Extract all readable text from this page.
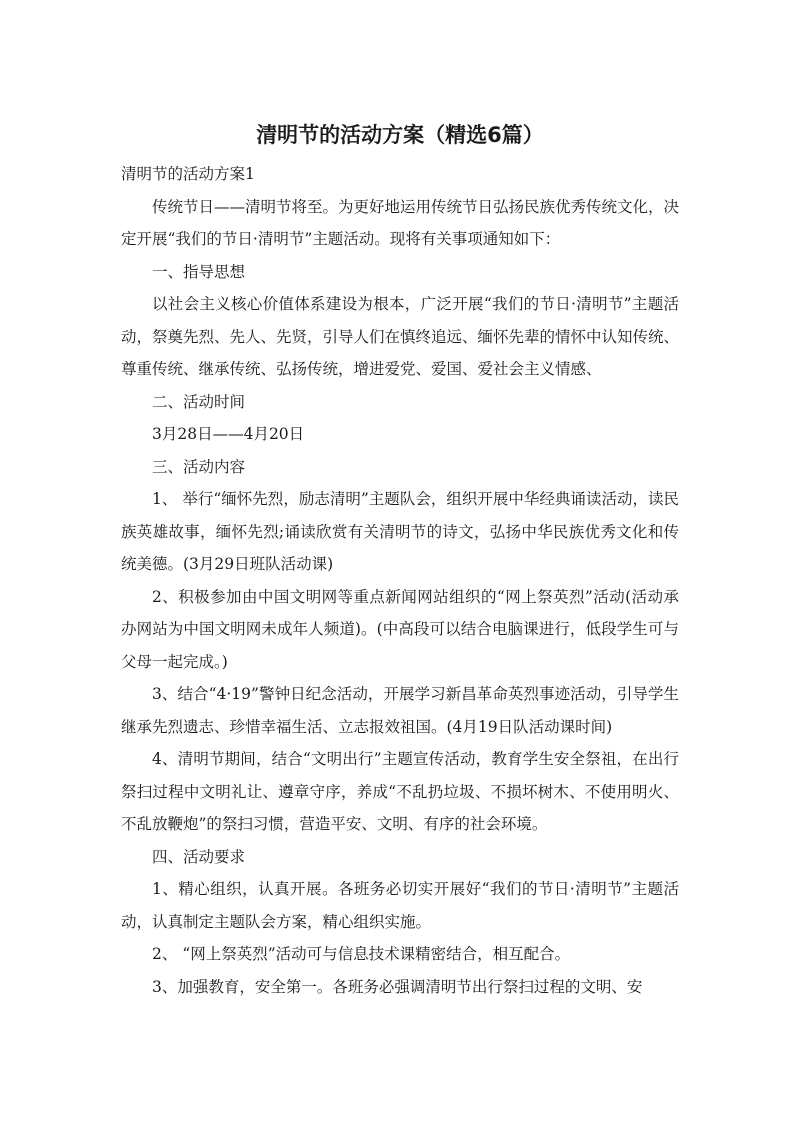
清明节的活动方案（精选6篇）

清明节的活动方案1

传统节日——清明节将至。为更好地运用传统节日弘扬民族优秀传统文化，决定开展“我们的节日·清明节”主题活动。现将有关事项通知如下：

一、指导思想

以社会主义核心价值体系建设为根本，广泛开展“我们的节日·清明节”主题活动，祭奠先烈、先人、先贤，引导人们在慎终追远、缅怀先辈的情怀中认知传统、尊重传统、继承传统、弘扬传统，增进爱党、爱国、爱社会主义情感、

二、活动时间

3月28日——4月20日

三、活动内容

1、 举行“缅怀先烈，励志清明”主题队会，组织开展中华经典诵读活动，读民族英雄故事，缅怀先烈;诵读欣赏有关清明节的诗文，弘扬中华民族优秀文化和传统美德。(3月29日班队活动课)

2、积极参加由中国文明网等重点新闻网站组织的“网上祭英烈”活动(活动承办网站为中国文明网未成年人频道)。(中高段可以结合电脑课进行，低段学生可与父母一起完成。)

3、结合“4·19”警钟日纪念活动，开展学习新昌革命英烈事迹活动，引导学生继承先烈遗志、珍惜幸福生活、立志报效祖国。(4月19日队活动课时间)

4、清明节期间，结合“文明出行”主题宣传活动，教育学生安全祭祖，在出行祭扫过程中文明礼让、遵章守序，养成“不乱扔垃圾、不损坏树木、不使用明火、不乱放鞭炮”的祭扫习惯，营造平安、文明、有序的社会环境。

四、活动要求

1、精心组织，认真开展。各班务必切实开展好“我们的节日·清明节”主题活动，认真制定主题队会方案，精心组织实施。

2、 “网上祭英烈”活动可与信息技术课精密结合，相互配合。

3、加强教育，安全第一。各班务必强调清明节出行祭扫过程的文明、安
